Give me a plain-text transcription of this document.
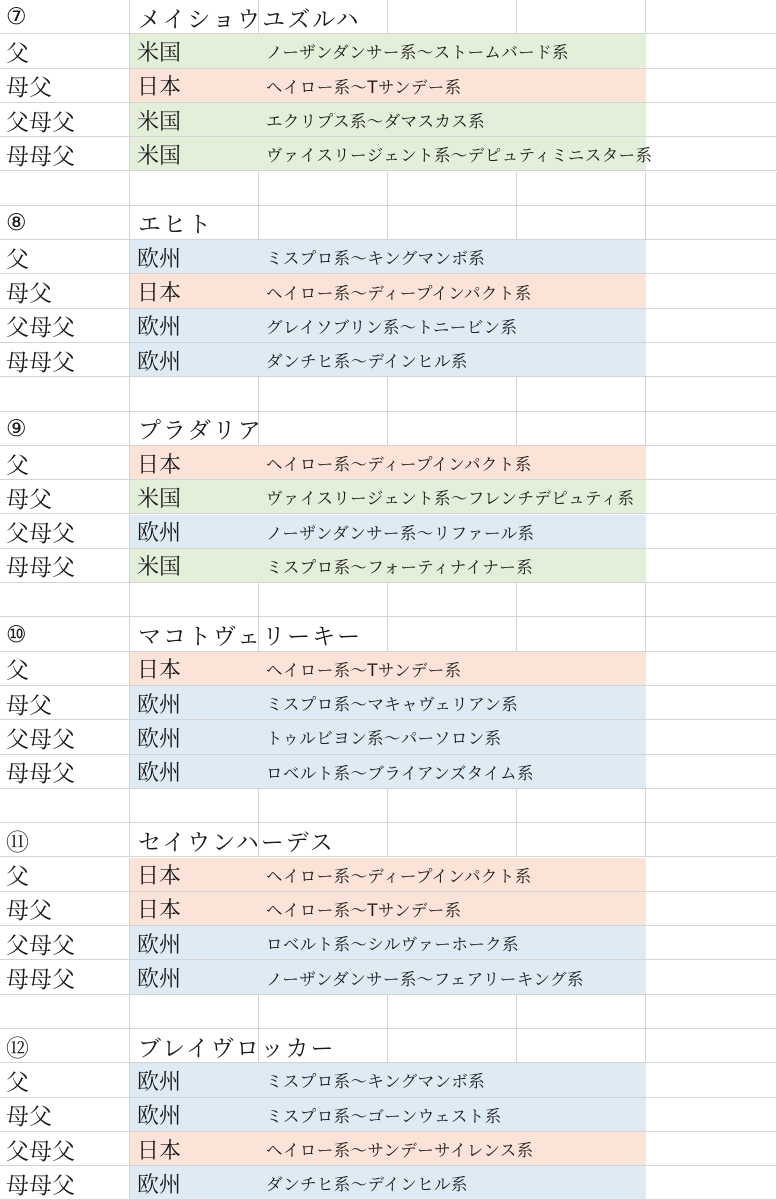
⑦	メイショウユズルハ
父	米国	ノーザンダンサー系～ストームバード系
母父	日本	ヘイロー系～Tサンデー系
父母父	米国	エクリプス系～ダマスカス系
母母父	米国	ヴァイスリージェント系～デピュティミニスター系
⑧	エヒト
父	欧州	ミスプロ系～キングマンボ系
母父	日本	ヘイロー系～ディープインパクト系
父母父	欧州	グレイソブリン系～トニービン系
母母父	欧州	ダンチヒ系～デインヒル系
⑨	プラダリア
父	日本	ヘイロー系～ディープインパクト系
母父	米国	ヴァイスリージェント系～フレンチデピュティ系
父母父	欧州	ノーザンダンサー系～リファール系
母母父	米国	ミスプロ系～フォーティナイナー系
⑩	マコトヴェリーキー
父	日本	ヘイロー系～Tサンデー系
母父	欧州	ミスプロ系～マキャヴェリアン系
父母父	欧州	トゥルビヨン系～パーソロン系
母母父	欧州	ロベルト系～ブライアンズタイム系
⑪	セイウンハーデス
父	日本	ヘイロー系～ディープインパクト系
母父	日本	ヘイロー系～Tサンデー系
父母父	欧州	ロベルト系～シルヴァーホーク系
母母父	欧州	ノーザンダンサー系～フェアリーキング系
⑫	ブレイヴロッカー
父	欧州	ミスプロ系～キングマンボ系
母父	欧州	ミスプロ系～ゴーンウェスト系
父母父	日本	ヘイロー系～サンデーサイレンス系
母母父	欧州	ダンチヒ系～デインヒル系
